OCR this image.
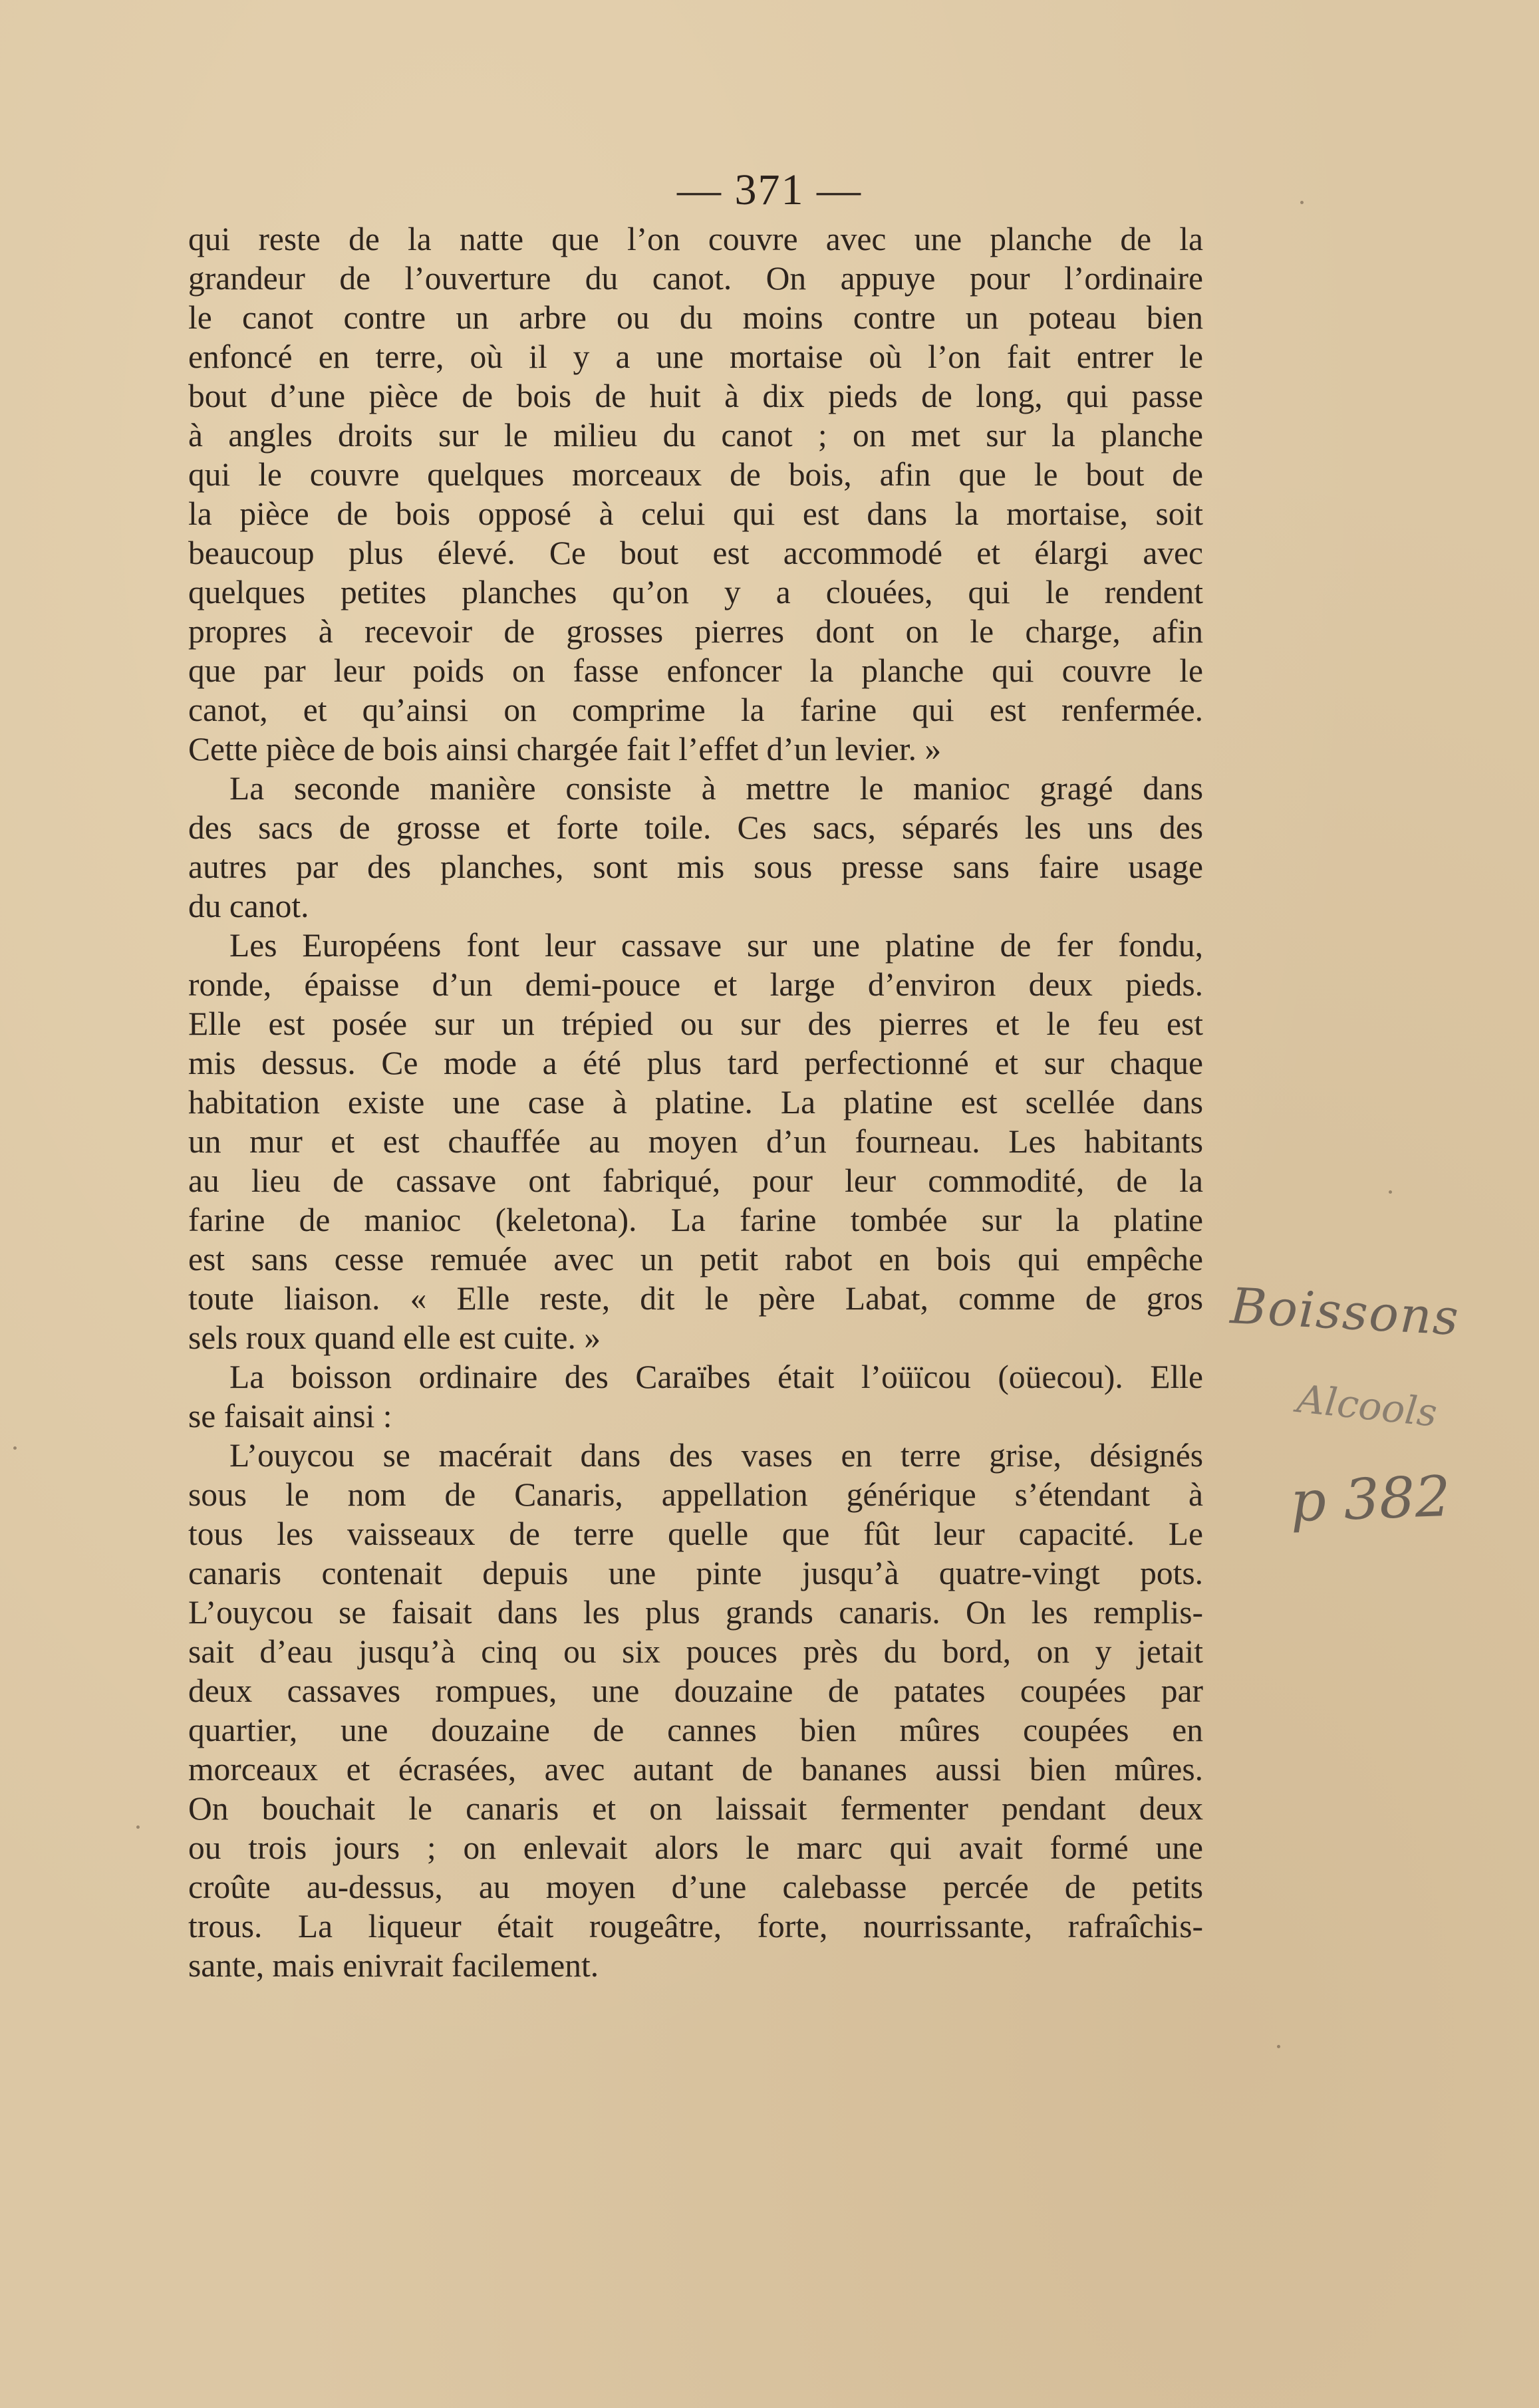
— 371 —
qui reste de la natte que l’on couvre avec une planche de la
grandeur de l’ouverture du canot. On appuye pour l’ordinaire
le canot contre un arbre ou du moins contre un poteau bien
enfoncé en terre, où il y a une mortaise où l’on fait entrer le
bout d’une pièce de bois de huit à dix pieds de long, qui passe
à angles droits sur le milieu du canot ; on met sur la planche
qui le couvre quelques morceaux de bois, afin que le bout de
la pièce de bois opposé à celui qui est dans la mortaise, soit
beaucoup plus élevé. Ce bout est accommodé et élargi avec
quelques petites planches qu’on y a clouées, qui le rendent
propres à recevoir de grosses pierres dont on le charge, afin
que par leur poids on fasse enfoncer la planche qui couvre le
canot, et qu’ainsi on comprime la farine qui est renfermée.
Cette pièce de bois ainsi chargée fait l’effet d’un levier. »
La seconde manière consiste à mettre le manioc gragé dans
des sacs de grosse et forte toile. Ces sacs, séparés les uns des
autres par des planches, sont mis sous presse sans faire usage
du canot.
Les Européens font leur cassave sur une platine de fer fondu,
ronde, épaisse d’un demi-pouce et large d’environ deux pieds.
Elle est posée sur un trépied ou sur des pierres et le feu est
mis dessus. Ce mode a été plus tard perfectionné et sur chaque
habitation existe une case à platine. La platine est scellée dans
un mur et est chauffée au moyen d’un fourneau. Les habitants
au lieu de cassave ont fabriqué, pour leur commodité, de la
farine de manioc (keletona). La farine tombée sur la platine
est sans cesse remuée avec un petit rabot en bois qui empêche
toute liaison. « Elle reste, dit le père Labat, comme de gros
sels roux quand elle est cuite. »
La boisson ordinaire des Caraïbes était l’oüïcou (oüecou). Elle
se faisait ainsi :
L’ouycou se macérait dans des vases en terre grise, désignés
sous le nom de Canaris, appellation générique s’étendant à
tous les vaisseaux de terre quelle que fût leur capacité. Le
canaris contenait depuis une pinte jusqu’à quatre-vingt pots.
L’ouycou se faisait dans les plus grands canaris. On les remplis-
sait d’eau jusqu’à cinq ou six pouces près du bord, on y jetait
deux cassaves rompues, une douzaine de patates coupées par
quartier, une douzaine de cannes bien mûres coupées en
morceaux et écrasées, avec autant de bananes aussi bien mûres.
On bouchait le canaris et on laissait fermenter pendant deux
ou trois jours ; on enlevait alors le marc qui avait formé une
croûte au-dessus, au moyen d’une calebasse percée de petits
trous. La liqueur était rougeâtre, forte, nourrissante, rafraîchis-
sante, mais enivrait facilement.
Boissons
Alcools
p 382
